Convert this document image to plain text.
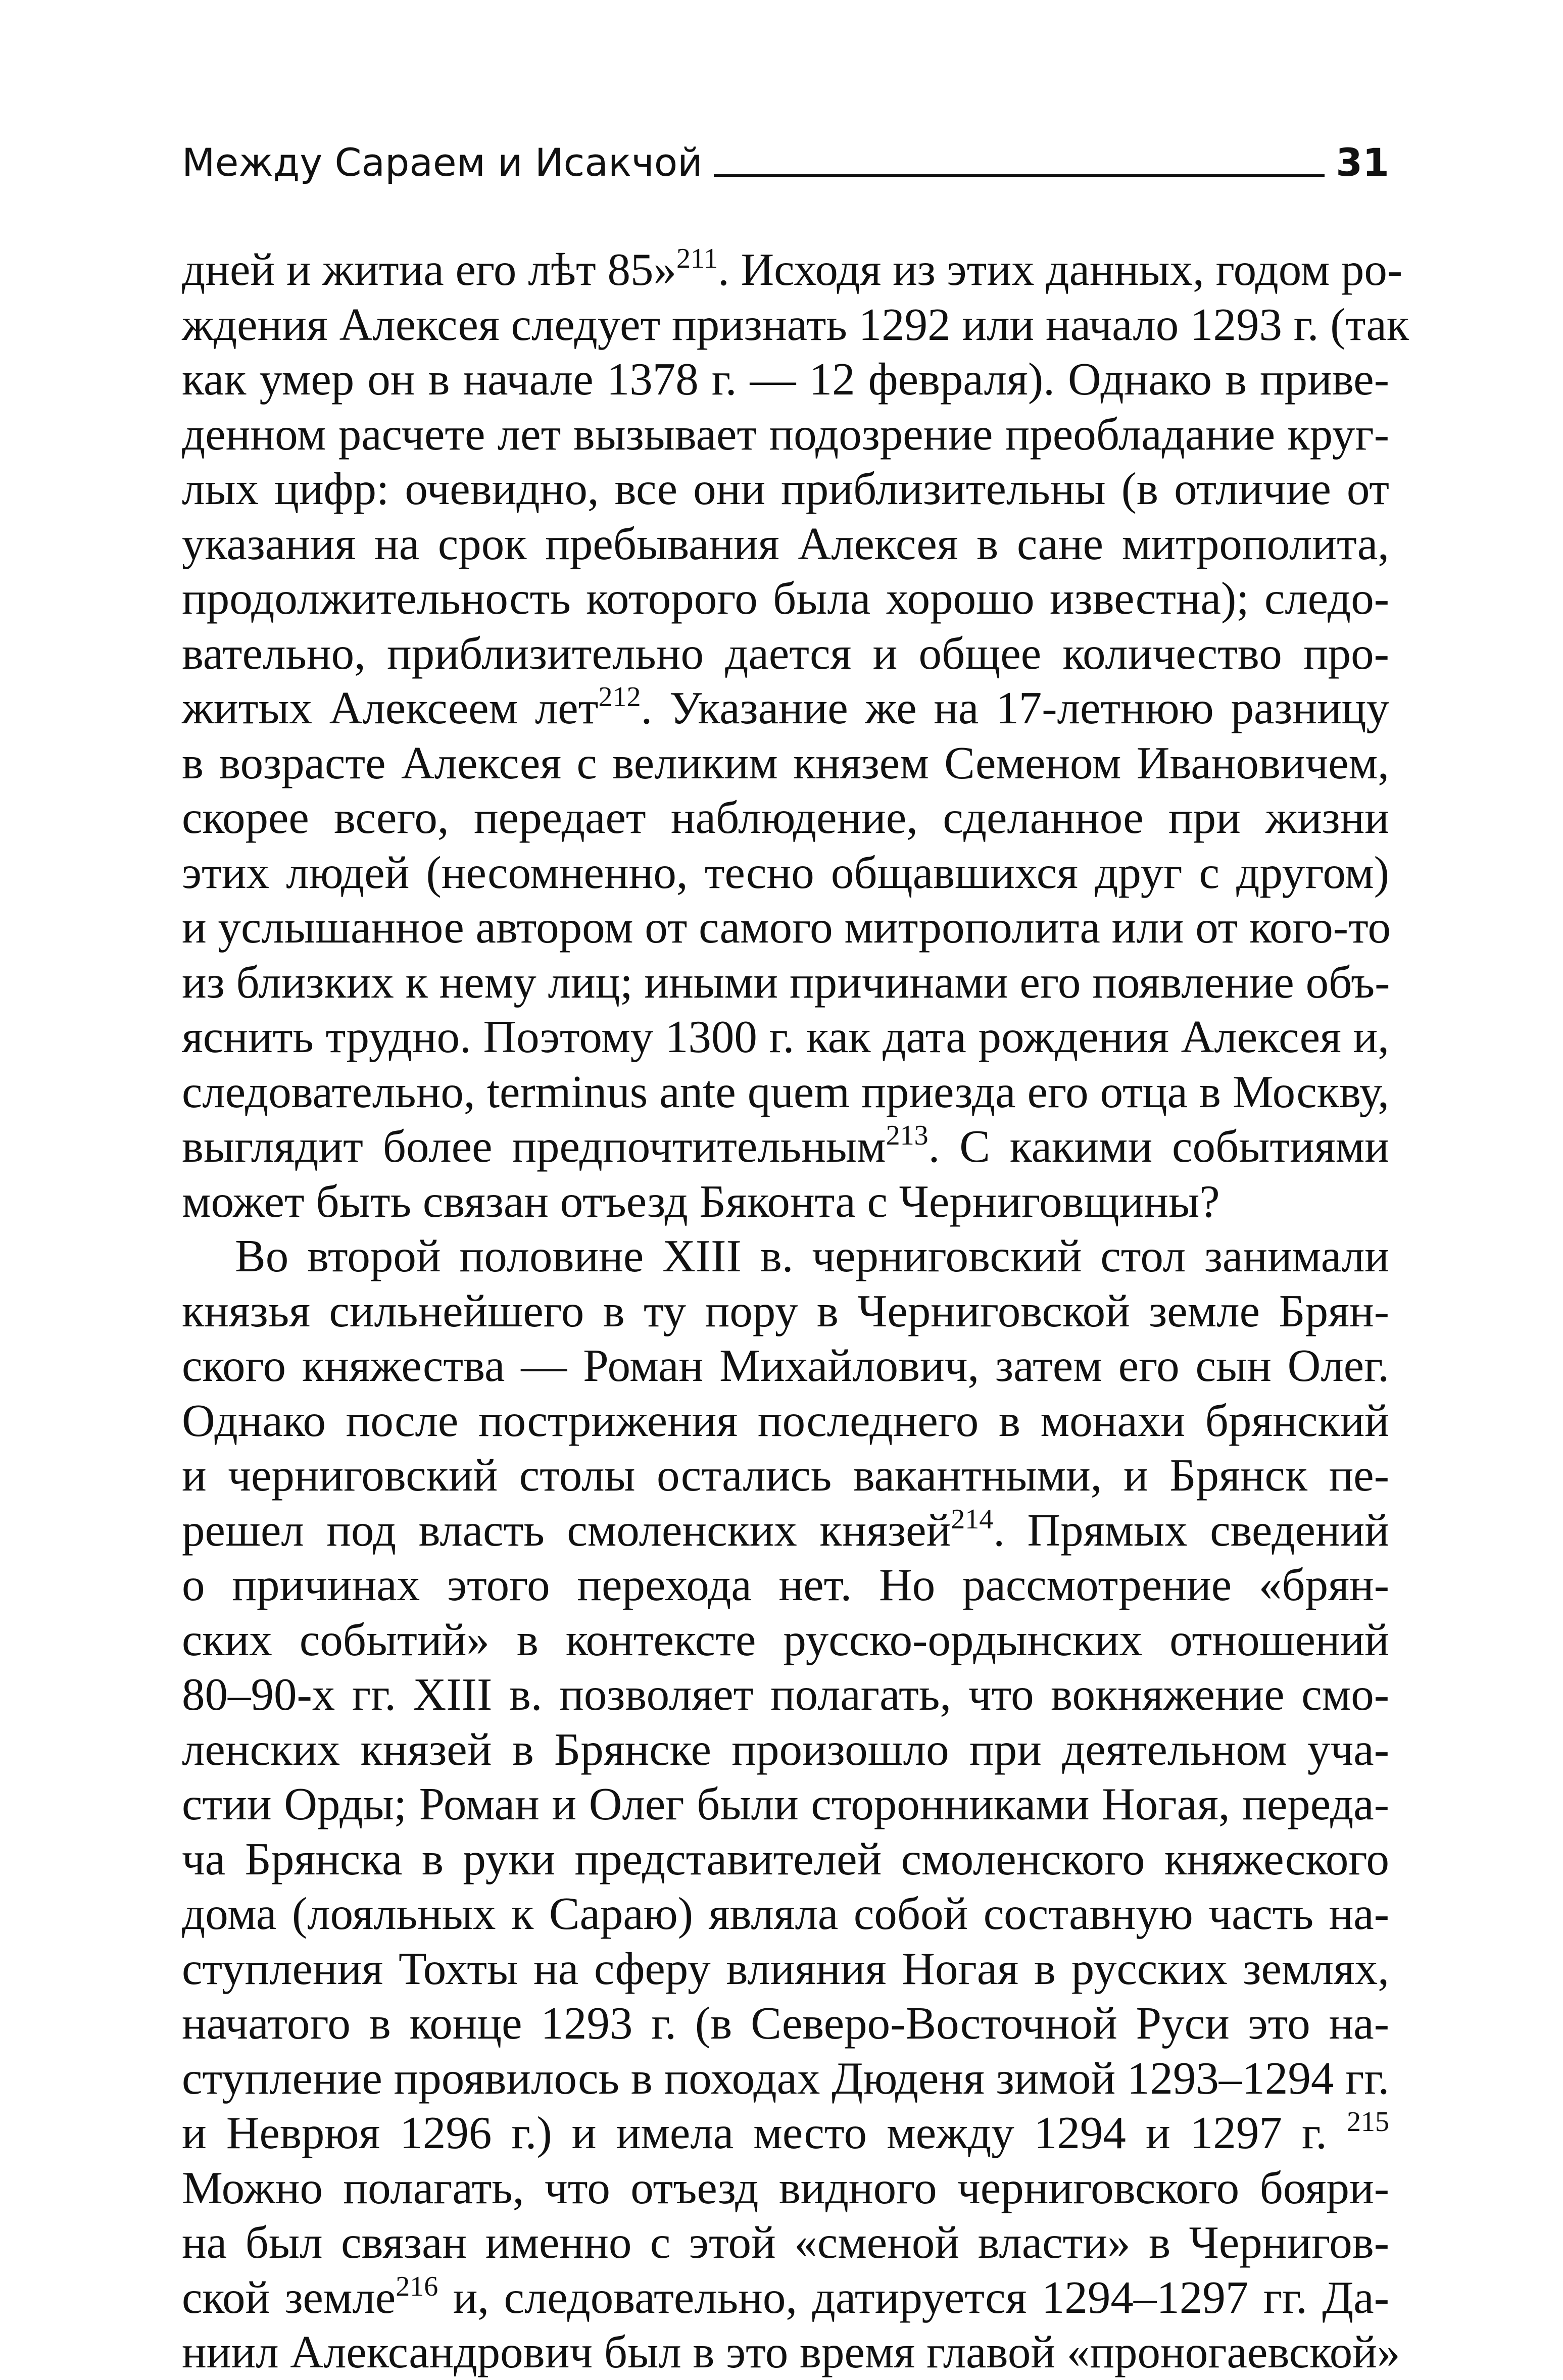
Между Сараем и Исакчой	31

дней и житиа его лѣт 85»$^{211}$. Исходя из этих данных, годом ро-
ждения Алексея следует признать 1292 или начало 1293 г. (так
как умер он в начале 1378 г. — 12 февраля). Однако в приве-
денном расчете лет вызывает подозрение преобладание круг-
лых цифр: очевидно, все они приблизительны (в отличие от
указания на срок пребывания Алексея в сане митрополита,
продолжительность которого была хорошо известна); следо-
вательно, приблизительно дается и общее количество про-
житых Алексеем лет$^{212}$. Указание же на 17-летнюю разницу
в возрасте Алексея с великим князем Семеном Ивановичем,
скорее всего, передает наблюдение, сделанное при жизни
этих людей (несомненно, тесно общавшихся друг с другом)
и услышанное автором от самого митрополита или от кого-то
из близких к нему лиц; иными причинами его появление объ-
яснить трудно. Поэтому 1300 г. как дата рождения Алексея и,
следовательно, terminus ante quem приезда его отца в Москву,
выглядит более предпочтительным$^{213}$. С какими событиями
может быть связан отъезд Бяконта с Черниговщины?

Во второй половине XIII в. черниговский стол занимали
князья сильнейшего в ту пору в Черниговской земле Брян-
ского княжества — Роман Михайлович, затем его сын Олег.
Однако после пострижения последнего в монахи брянский
и черниговский столы остались вакантными, и Брянск пе-
решел под власть смоленских князей$^{214}$. Прямых сведений
о причинах этого перехода нет. Но рассмотрение «брян-
ских событий» в контексте русско-ордынских отношений
80–90-х гг. XIII в. позволяет полагать, что вокняжение смо-
ленских князей в Брянске произошло при деятельном уча-
стии Орды; Роман и Олег были сторонниками Ногая, переда-
ча Брянска в руки представителей смоленского княжеского
дома (лояльных к Сараю) являла собой составную часть на-
ступления Тохты на сферу влияния Ногая в русских землях,
начатого в конце 1293 г. (в Северо-Восточной Руси это на-
ступление проявилось в походах Дюденя зимой 1293–1294 гг.
и Неврюя 1296 г.) и имела место между 1294 и 1297 г. $^{215}$
Можно полагать, что отъезд видного черниговского бояри-
на был связан именно с этой «сменой власти» в Чернигов-
ской земле$^{216}$ и, следовательно, датируется 1294–1297 гг. Да-
ниил Александрович был в это время главой «проногаевской»
